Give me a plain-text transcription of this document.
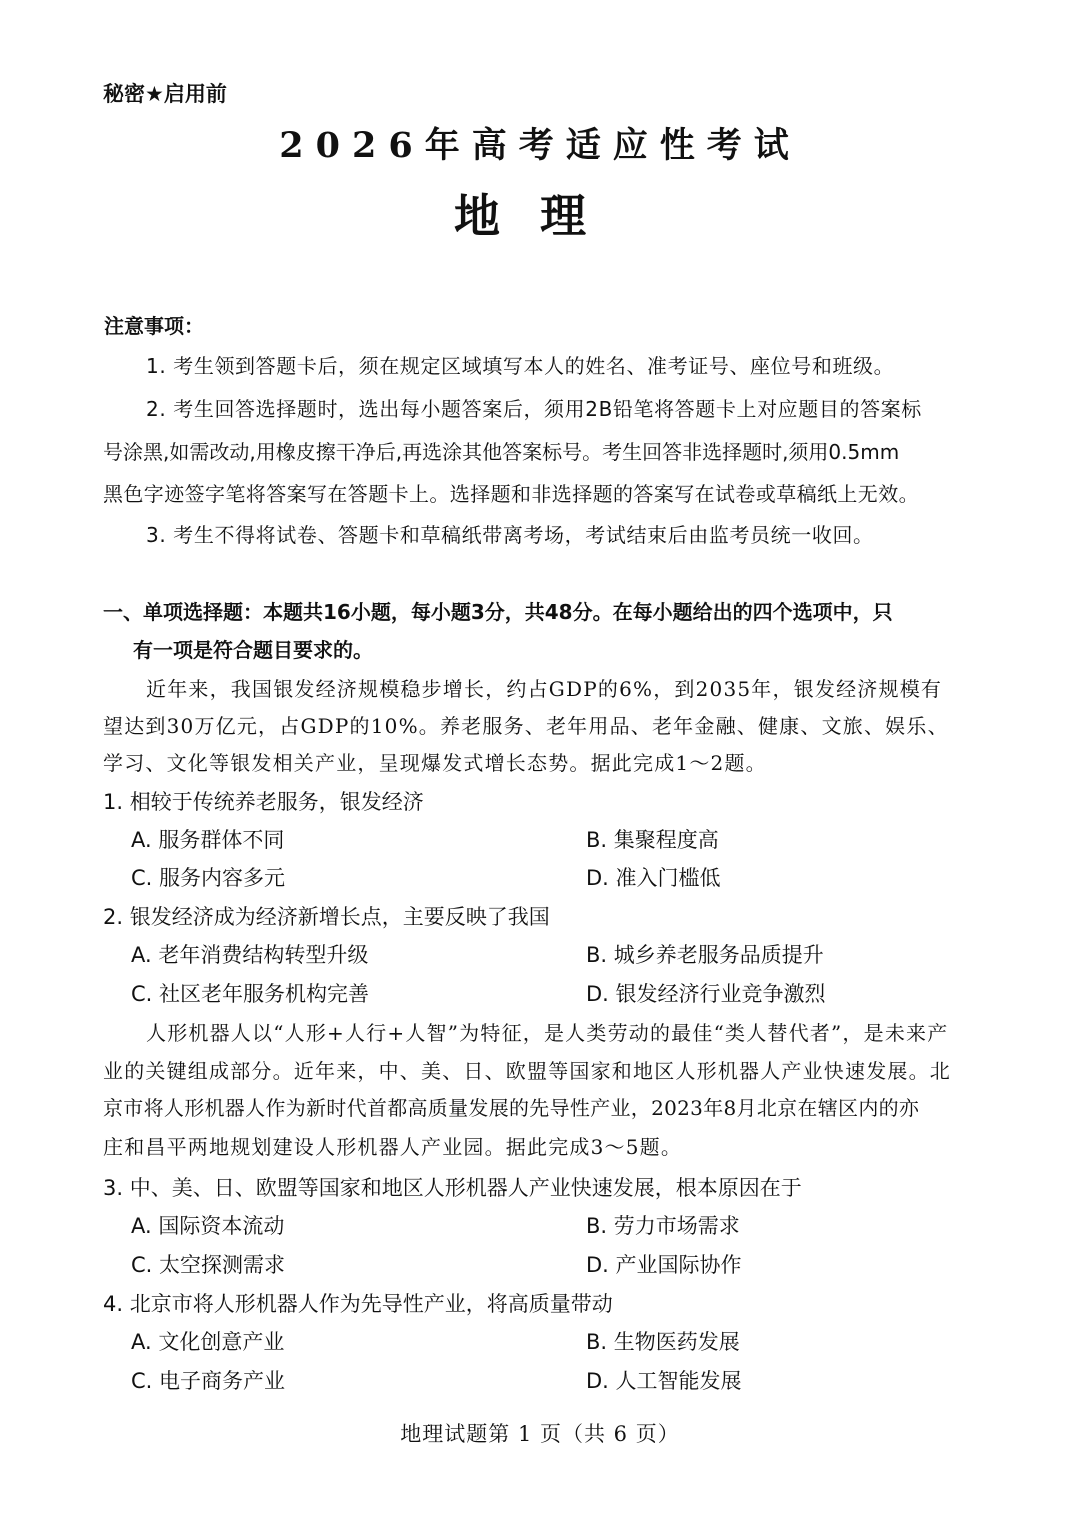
秘密★启用前
2026年高考适应性考试
地理
注意事项：
1. 考生领到答题卡后，须在规定区域填写本人的姓名、准考证号、座位号和班级。
2. 考生回答选择题时，选出每小题答案后，须用2B铅笔将答题卡上对应题目的答案标
号涂黑,如需改动,用橡皮擦干净后,再选涂其他答案标号。考生回答非选择题时,须用0.5mm
黑色字迹签字笔将答案写在答题卡上。选择题和非选择题的答案写在试卷或草稿纸上无效。
3. 考生不得将试卷、答题卡和草稿纸带离考场，考试结束后由监考员统一收回。
一、单项选择题：本题共16小题，每小题3分，共48分。在每小题给出的四个选项中，只
有一项是符合题目要求的。
近年来，我国银发经济规模稳步增长，约占GDP的6%，到2035年，银发经济规模有
望达到30万亿元，占GDP的10%。养老服务、老年用品、老年金融、健康、文旅、娱乐、
学习、文化等银发相关产业，呈现爆发式增长态势。据此完成1～2题。
1. 相较于传统养老服务，银发经济
A. 服务群体不同	B. 集聚程度高
C. 服务内容多元	D. 准入门槛低
2. 银发经济成为经济新增长点，主要反映了我国
A. 老年消费结构转型升级	B. 城乡养老服务品质提升
C. 社区老年服务机构完善	D. 银发经济行业竞争激烈
人形机器人以“人形+人行+人智”为特征，是人类劳动的最佳“类人替代者”，是未来产
业的关键组成部分。近年来，中、美、日、欧盟等国家和地区人形机器人产业快速发展。北
京市将人形机器人作为新时代首都高质量发展的先导性产业，2023年8月北京在辖区内的亦
庄和昌平两地规划建设人形机器人产业园。据此完成3～5题。
3. 中、美、日、欧盟等国家和地区人形机器人产业快速发展，根本原因在于
A. 国际资本流动	B. 劳力市场需求
C. 太空探测需求	D. 产业国际协作
4. 北京市将人形机器人作为先导性产业，将高质量带动
A. 文化创意产业	B. 生物医药发展
C. 电子商务产业	D. 人工智能发展
地理试题第 1 页（共 6 页）
